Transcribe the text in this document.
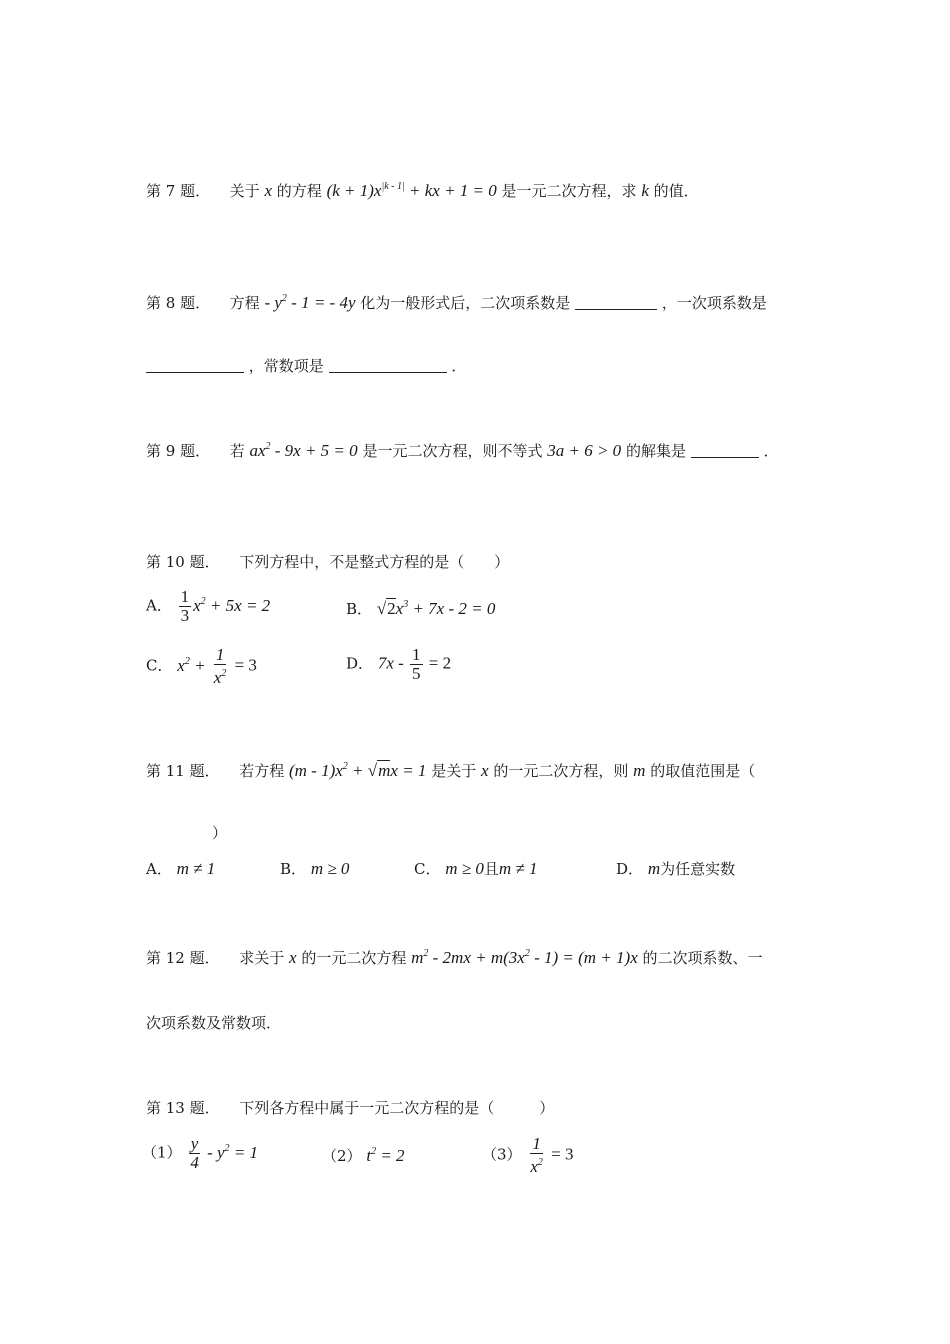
第 7 题． 关于 x 的方程 $(k + 1)x^{|k - 1|}$ + kx + 1 = 0 是一元二次方程，求 k 的值．
第 8 题． 方程 - $y^2 - 1$ = - 4y 化为一般形式后，二次项系数是	，一次项系数是
，常数项是	．
第 9 题． 若 $ax^2 - 9x + 5 = 0$ 是一元二次方程，则不等式 3a + 6 > 0 的解集是	．
第 10 题． 下列方程中，不是整式方程的是（　　）
A． $\frac{1}{3} x^2 + 5x = 2$	B． $√2x^3 + 7x - 2 = 0$
C． $x^2 + \frac{1}{x^2} = 3$	D． $7x - \frac{1}{5} = 2$
第 11 题． 若方程 $(m - 1)x^2 + √mx = 1$ 是关于 x 的一元二次方程，则 m 的取值范围是（
）
A． m ≠ 1	B． m ≥ 0	C． m ≥ 0且m ≠ 1	D． m为任意实数
第 12 题． 求关于 x 的一元二次方程 $m^2 - 2mx + m(3x^2 - 1) = (m + 1)x$ 的二次项系数、一
次项系数及常数项．
第 13 题． 下列各方程中属于一元二次方程的是（　　　）
$(1) \frac{y}{4} - y^2 = 1$	（2） $t^2 = 2$	$(3) \frac{1}{x^2} = 3$
